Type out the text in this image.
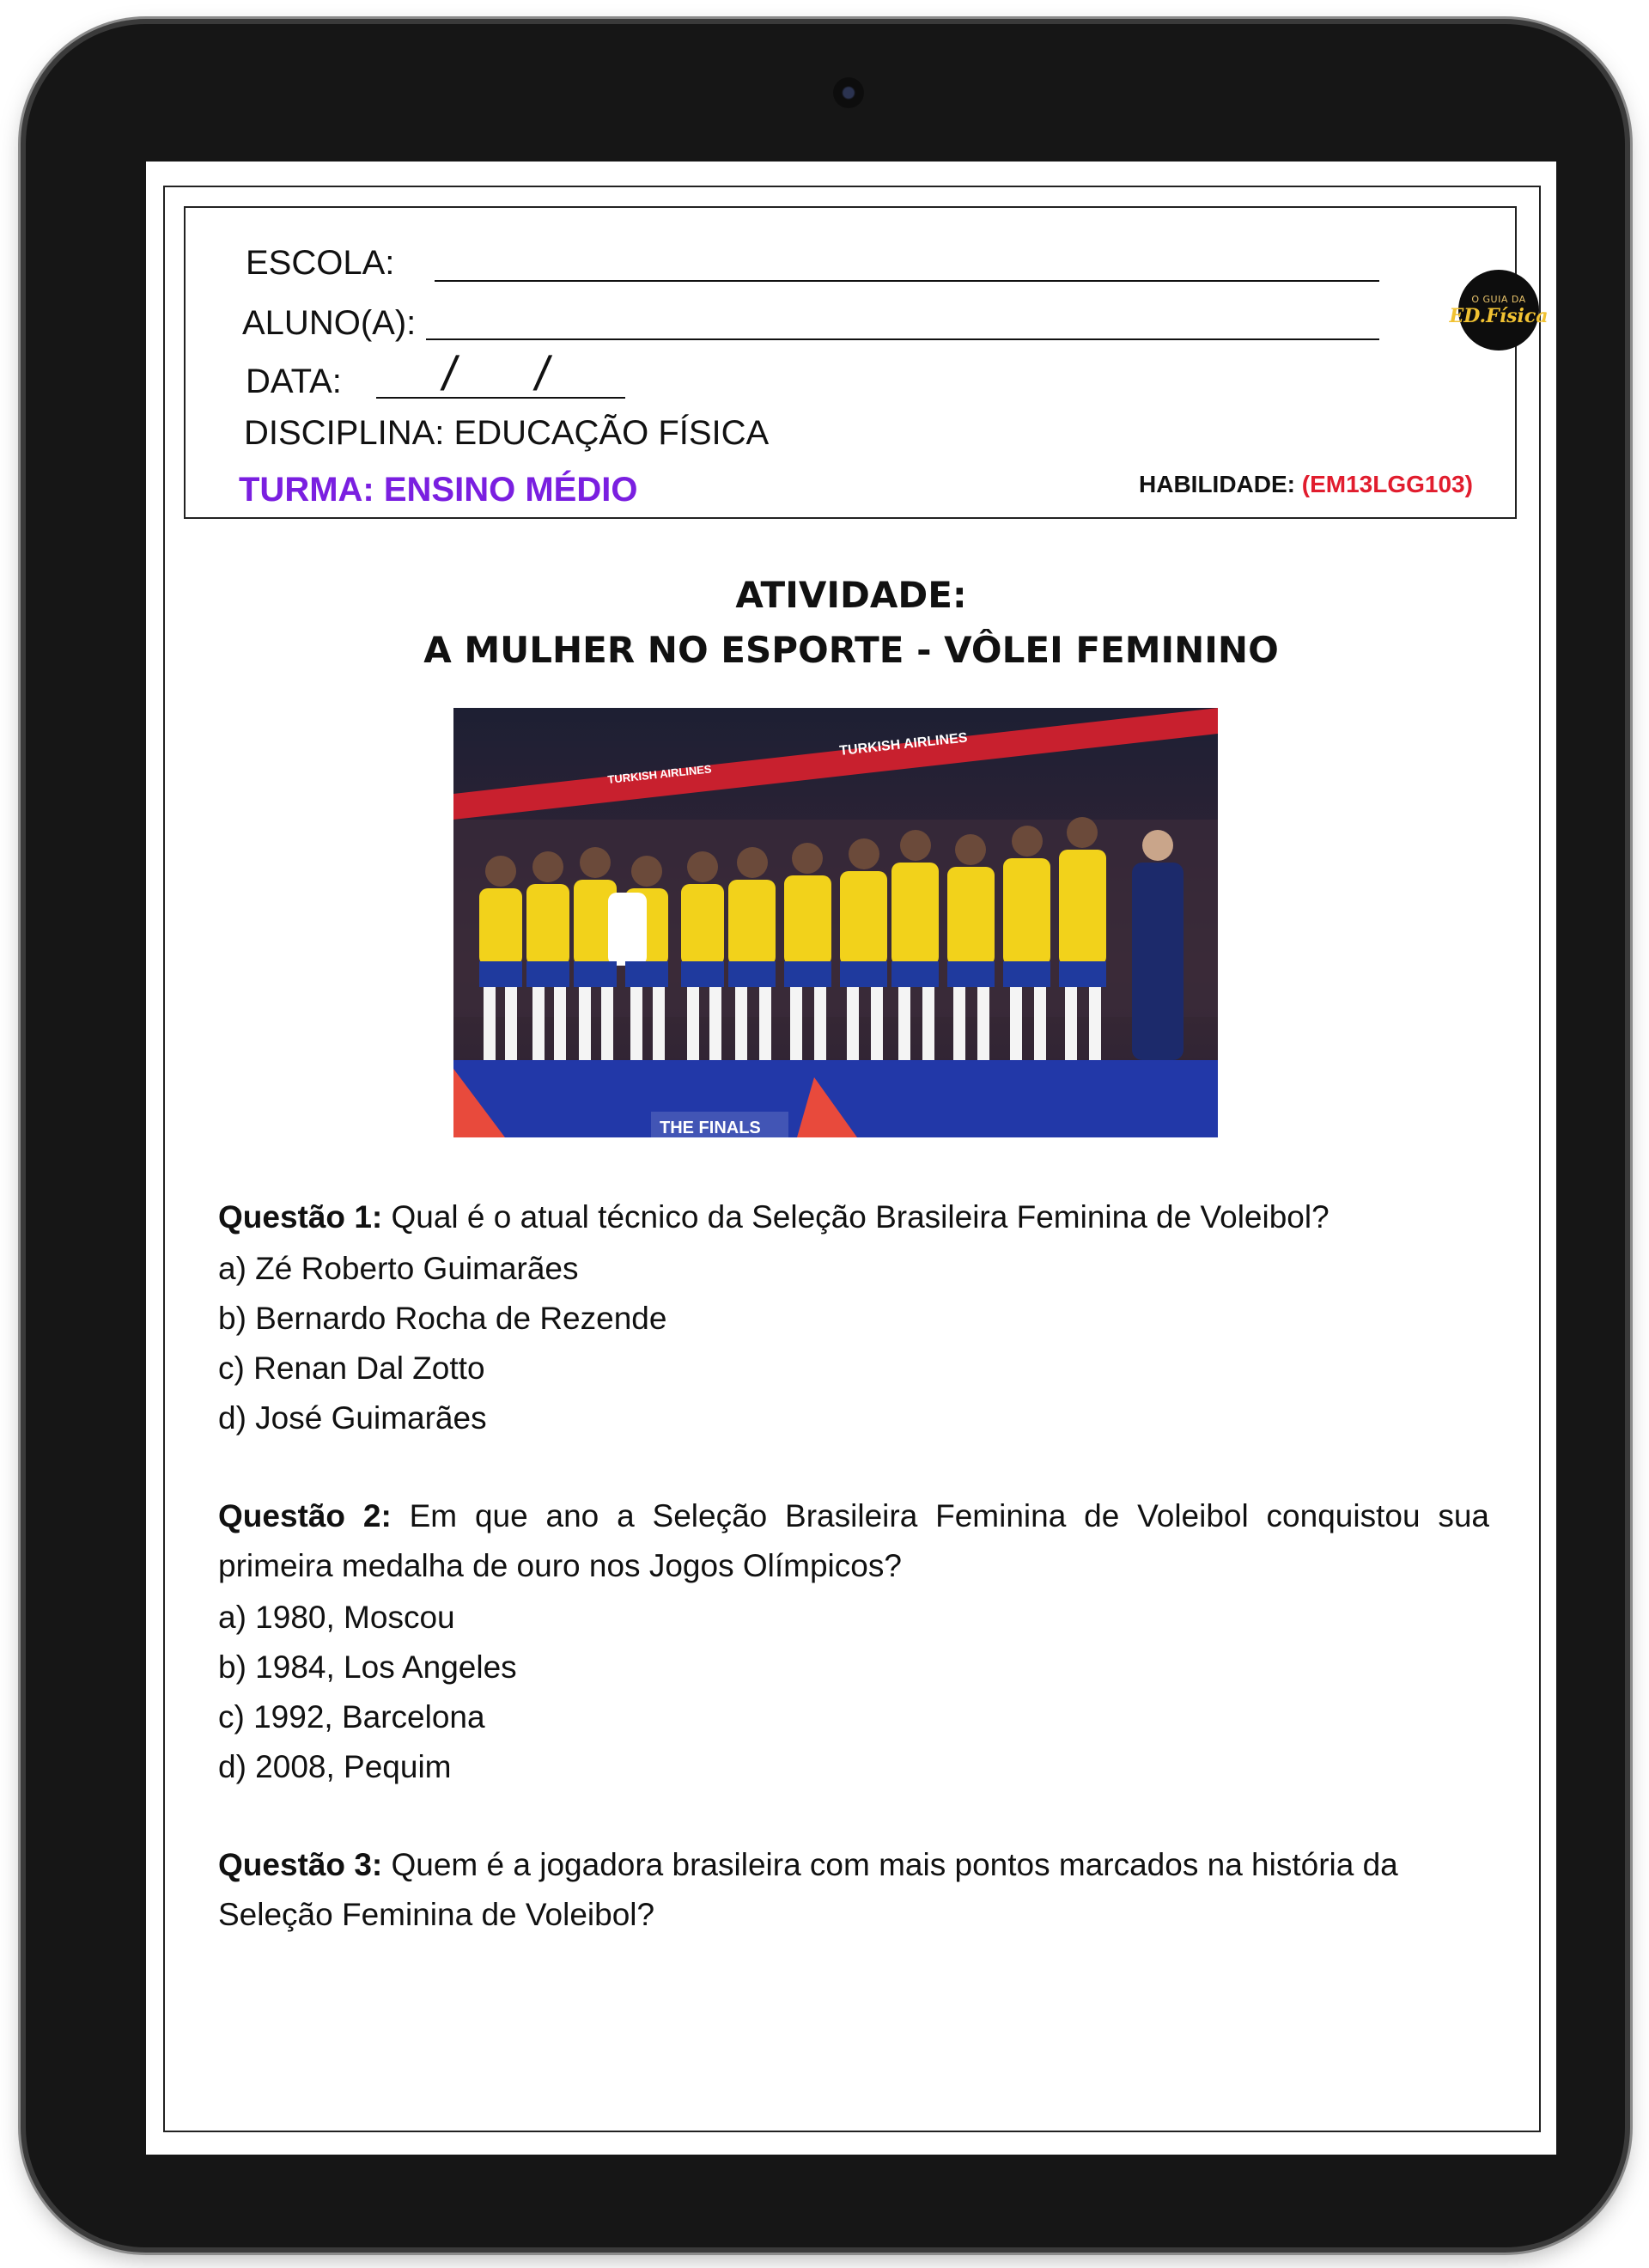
ESCOLA:
ALUNO(A):
DATA: / /
DISCIPLINA: EDUCAÇÃO FÍSICA
TURMA: ENSINO MÉDIO
O GUIA DA
ED.Física
HABILIDADE: (EM13LGG103)
ATIVIDADE:
A MULHER NO ESPORTE - VÔLEI FEMININO
TURKISH AIRLINES
TURKISH AIRLINES
THE FINALS
Questão 1: Qual é o atual técnico da Seleção Brasileira Feminina de Voleibol?
a) Zé Roberto Guimarães
b) Bernardo Rocha de Rezende
c) Renan Dal Zotto
d) José Guimarães
Questão 2: Em que ano a Seleção Brasileira Feminina de Voleibol conquistou sua primeira medalha de ouro nos Jogos Olímpicos?
a) 1980, Moscou
b) 1984, Los Angeles
c) 1992, Barcelona
d) 2008, Pequim
Questão 3: Quem é a jogadora brasileira com mais pontos marcados na história da Seleção Feminina de Voleibol?
